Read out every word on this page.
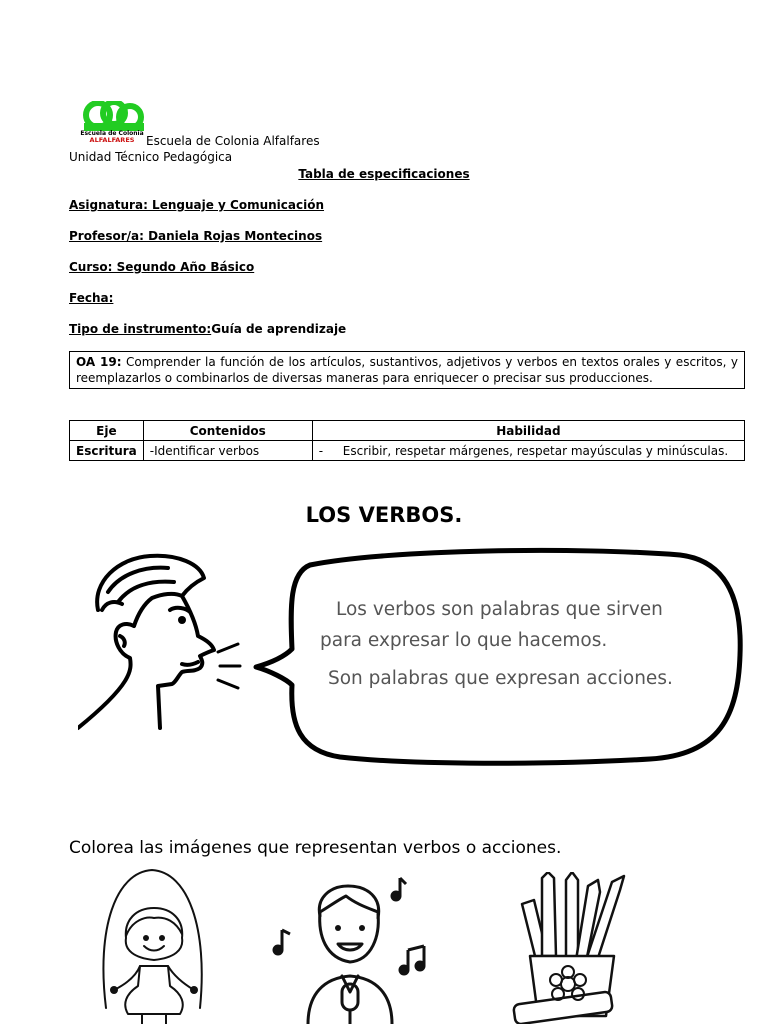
Escuela de Colonia
ALFALFARES Escuela de Colonia Alfalfares
Unidad Técnico Pedagógica
Tabla de especificaciones
Asignatura: Lenguaje y Comunicación
Profesor/a: Daniela Rojas Montecinos
Curso: Segundo Año Básico
Fecha:
Tipo de instrumento:Guía de aprendizaje
OA 19: Comprender la función de los artículos, sustantivos, adjetivos y verbos en textos orales y escritos, y reemplazarlos o combinarlos de diversas maneras para enriquecer o precisar sus producciones.
Eje	Contenidos	Habilidad
Escritura	-Identificar verbos	- Escribir, respetar márgenes, respetar mayúsculas y minúsculas.
LOS VERBOS.
Los verbos son palabras que sirven
para expresar lo que hacemos.
Son palabras que expresan acciones.
Colorea las imágenes que representan verbos o acciones.
